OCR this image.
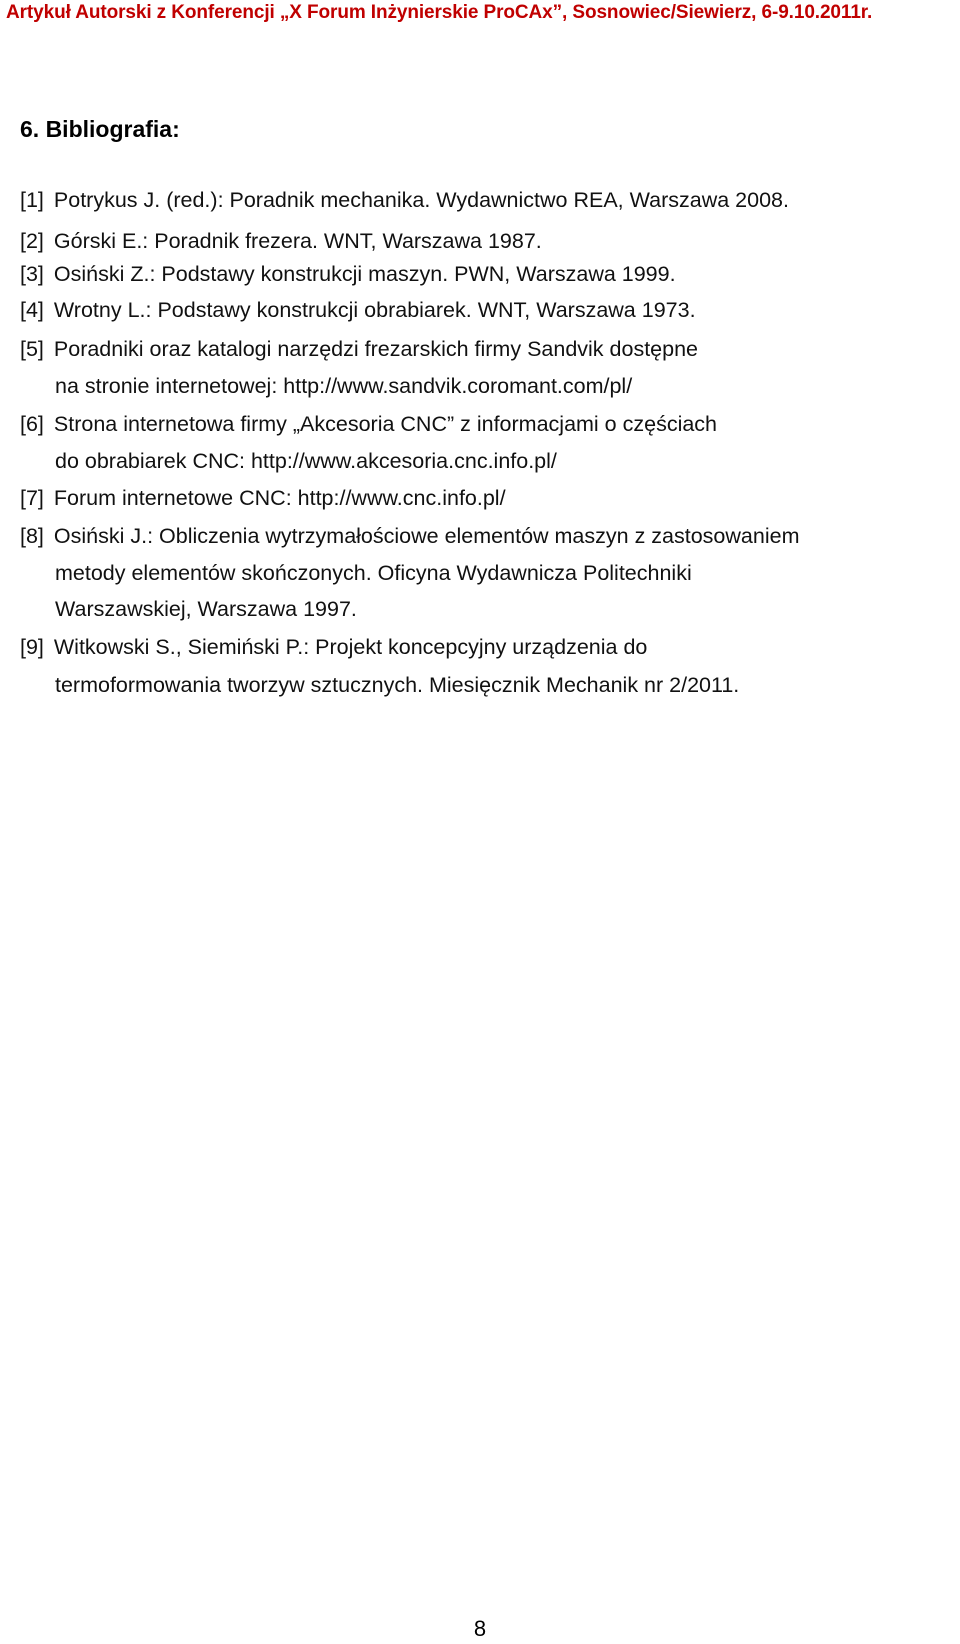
Artykuł Autorski z Konferencji „X Forum Inżynierskie ProCAx”, Sosnowiec/Siewierz, 6-9.10.2011r.
6. Bibliografia:
[1] Potrykus J. (red.): Poradnik mechanika. Wydawnictwo REA, Warszawa 2008.
[2] Górski E.: Poradnik frezera. WNT, Warszawa 1987.
[3] Osiński Z.: Podstawy konstrukcji maszyn. PWN, Warszawa 1999.
[4] Wrotny L.: Podstawy konstrukcji obrabiarek. WNT, Warszawa 1973.
[5] Poradniki oraz katalogi narzędzi frezarskich firmy Sandvik dostępne
na stronie internetowej: http://www.sandvik.coromant.com/pl/
[6] Strona internetowa firmy „Akcesoria CNC” z informacjami o częściach
do obrabiarek CNC: http://www.akcesoria.cnc.info.pl/
[7] Forum internetowe CNC: http://www.cnc.info.pl/
[8] Osiński J.: Obliczenia wytrzymałościowe elementów maszyn z zastosowaniem
metody elementów skończonych. Oficyna Wydawnicza Politechniki
Warszawskiej, Warszawa 1997.
[9] Witkowski S., Siemiński P.: Projekt koncepcyjny urządzenia do
termoformowania tworzyw sztucznych. Miesięcznik Mechanik nr 2/2011.
8
